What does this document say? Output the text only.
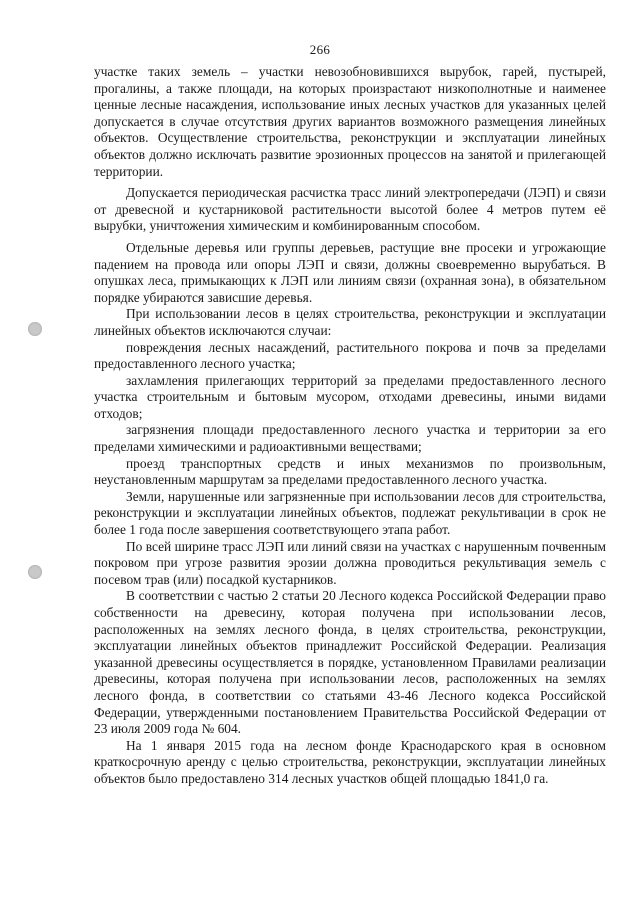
266

участке таких земель – участки невозобновившихся вырубок, гарей, пустырей, прогалины, а также площади, на которых произрастают низкополнотные и наименее ценные лесные насаждения, использование иных лесных участков для указанных целей допускается в случае отсутствия других вариантов возможного размещения линейных объектов. Осуществление строительства, реконструкции и эксплуатации линейных объектов должно исключать развитие эрозионных процессов на занятой и прилегающей территории.

Допускается периодическая расчистка трасс линий электропередачи (ЛЭП) и связи от древесной и кустарниковой растительности высотой более 4 метров путем её вырубки, уничтожения химическим и комбинированным способом.

Отдельные деревья или группы деревьев, растущие вне просеки и угрожающие падением на провода или опоры ЛЭП и связи, должны своевременно вырубаться. В опушках леса, примыкающих к ЛЭП или линиям связи (охранная зона), в обязательном порядке убираются зависшие деревья.

При использовании лесов в целях строительства, реконструкции и эксплуатации линейных объектов исключаются случаи:

повреждения лесных насаждений, растительного покрова и почв за пределами предоставленного лесного участка;

захламления прилегающих территорий за пределами предоставленного лесного участка строительным и бытовым мусором, отходами древесины, иными видами отходов;

загрязнения площади предоставленного лесного участка и территории за его пределами химическими и радиоактивными веществами;

проезд транспортных средств и иных механизмов по произвольным, неустановленным маршрутам за пределами предоставленного лесного участка.

Земли, нарушенные или загрязненные при использовании лесов для строительства, реконструкции и эксплуатации линейных объектов, подлежат рекультивации в срок не более 1 года после завершения соответствующего этапа работ.

По всей ширине трасс ЛЭП или линий связи на участках с нарушенным почвенным покровом при угрозе развития эрозии должна проводиться рекультивация земель с посевом трав (или) посадкой кустарников.

В соответствии с частью 2 статьи 20 Лесного кодекса Российской Федерации право собственности на древесину, которая получена при использовании лесов, расположенных на землях лесного фонда, в целях строительства, реконструкции, эксплуатации линейных объектов принадлежит Российской Федерации. Реализация указанной древесины осуществляется в порядке, установленном Правилами реализации древесины, которая получена при использовании лесов, расположенных на землях лесного фонда, в соответствии со статьями 43-46 Лесного кодекса Российской Федерации, утвержденными постановлением Правительства Российской Федерации от 23 июля 2009 года № 604.

На 1 января 2015 года на лесном фонде Краснодарского края в основном краткосрочную аренду с целью строительства, реконструкции, эксплуатации линейных объектов было предоставлено 314 лесных участков общей площадью 1841,0 га.
